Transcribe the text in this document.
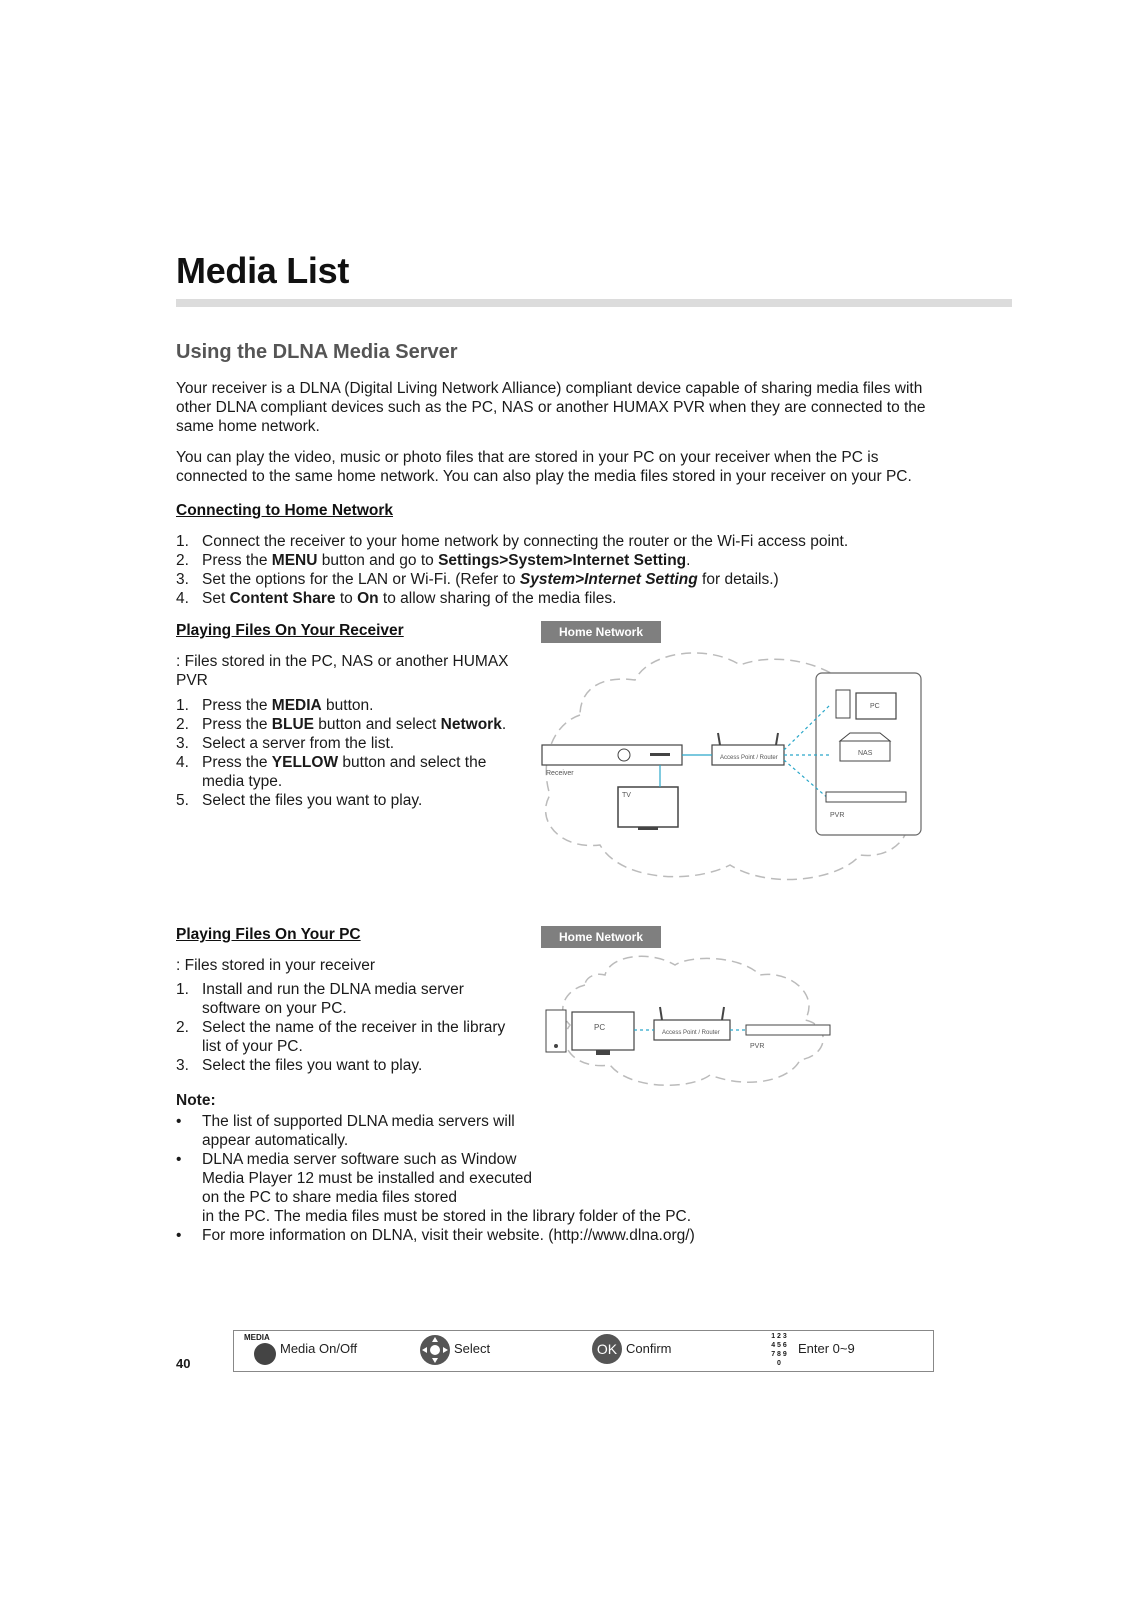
Media List
Using the DLNA Media Server

Your receiver is a DLNA (Digital Living Network Alliance) compliant device capable of sharing media files with other DLNA compliant devices such as the PC, NAS or another HUMAX PVR when they are connected to the same home network.

You can play the video, music or photo files that are stored in your PC on your receiver when the PC is connected to the same home network. You can also play the media files stored in your receiver on your PC.

Connecting to Home Network
1. Connect the receiver to your home network by connecting the router or the Wi-Fi access point.
2. Press the MENU button and go to Settings>System>Internet Setting.
3. Set the options for the LAN or Wi-Fi. (Refer to System>Internet Setting for details.)
4. Set Content Share to On to allow sharing of the media files.
Playing Files On Your Receiver

: Files stored in the PC, NAS or another HUMAX PVR

1. Press the MEDIA button.
2. Press the BLUE button and select Network.
3. Select a server from the list.
4. Press the YELLOW button and select the media type.
5. Select the files you want to play.
Home Network
Receiver
TV
Access Point / Router
PC
NAS
PVR
Playing Files On Your PC

: Files stored in your receiver

1. Install and run the DLNA media server software on your PC.
2. Select the name of the receiver in the library list of your PC.
3. Select the files you want to play.
Home Network
PC
Access Point / Router
PVR
Note:
• The list of supported DLNA media servers will appear automatically.
• DLNA media server software such as Window Media Player 12 must be installed and executed on the PC to share media files stored
in the PC. The media files must be stored in the library folder of the PC.
• For more information on DLNA, visit their website. (http://www.dlna.org/)
40
MEDIA
Media On/Off	Select	OK Confirm
1 2 3
4 5 6
7 8 9
0
Enter 0~9
